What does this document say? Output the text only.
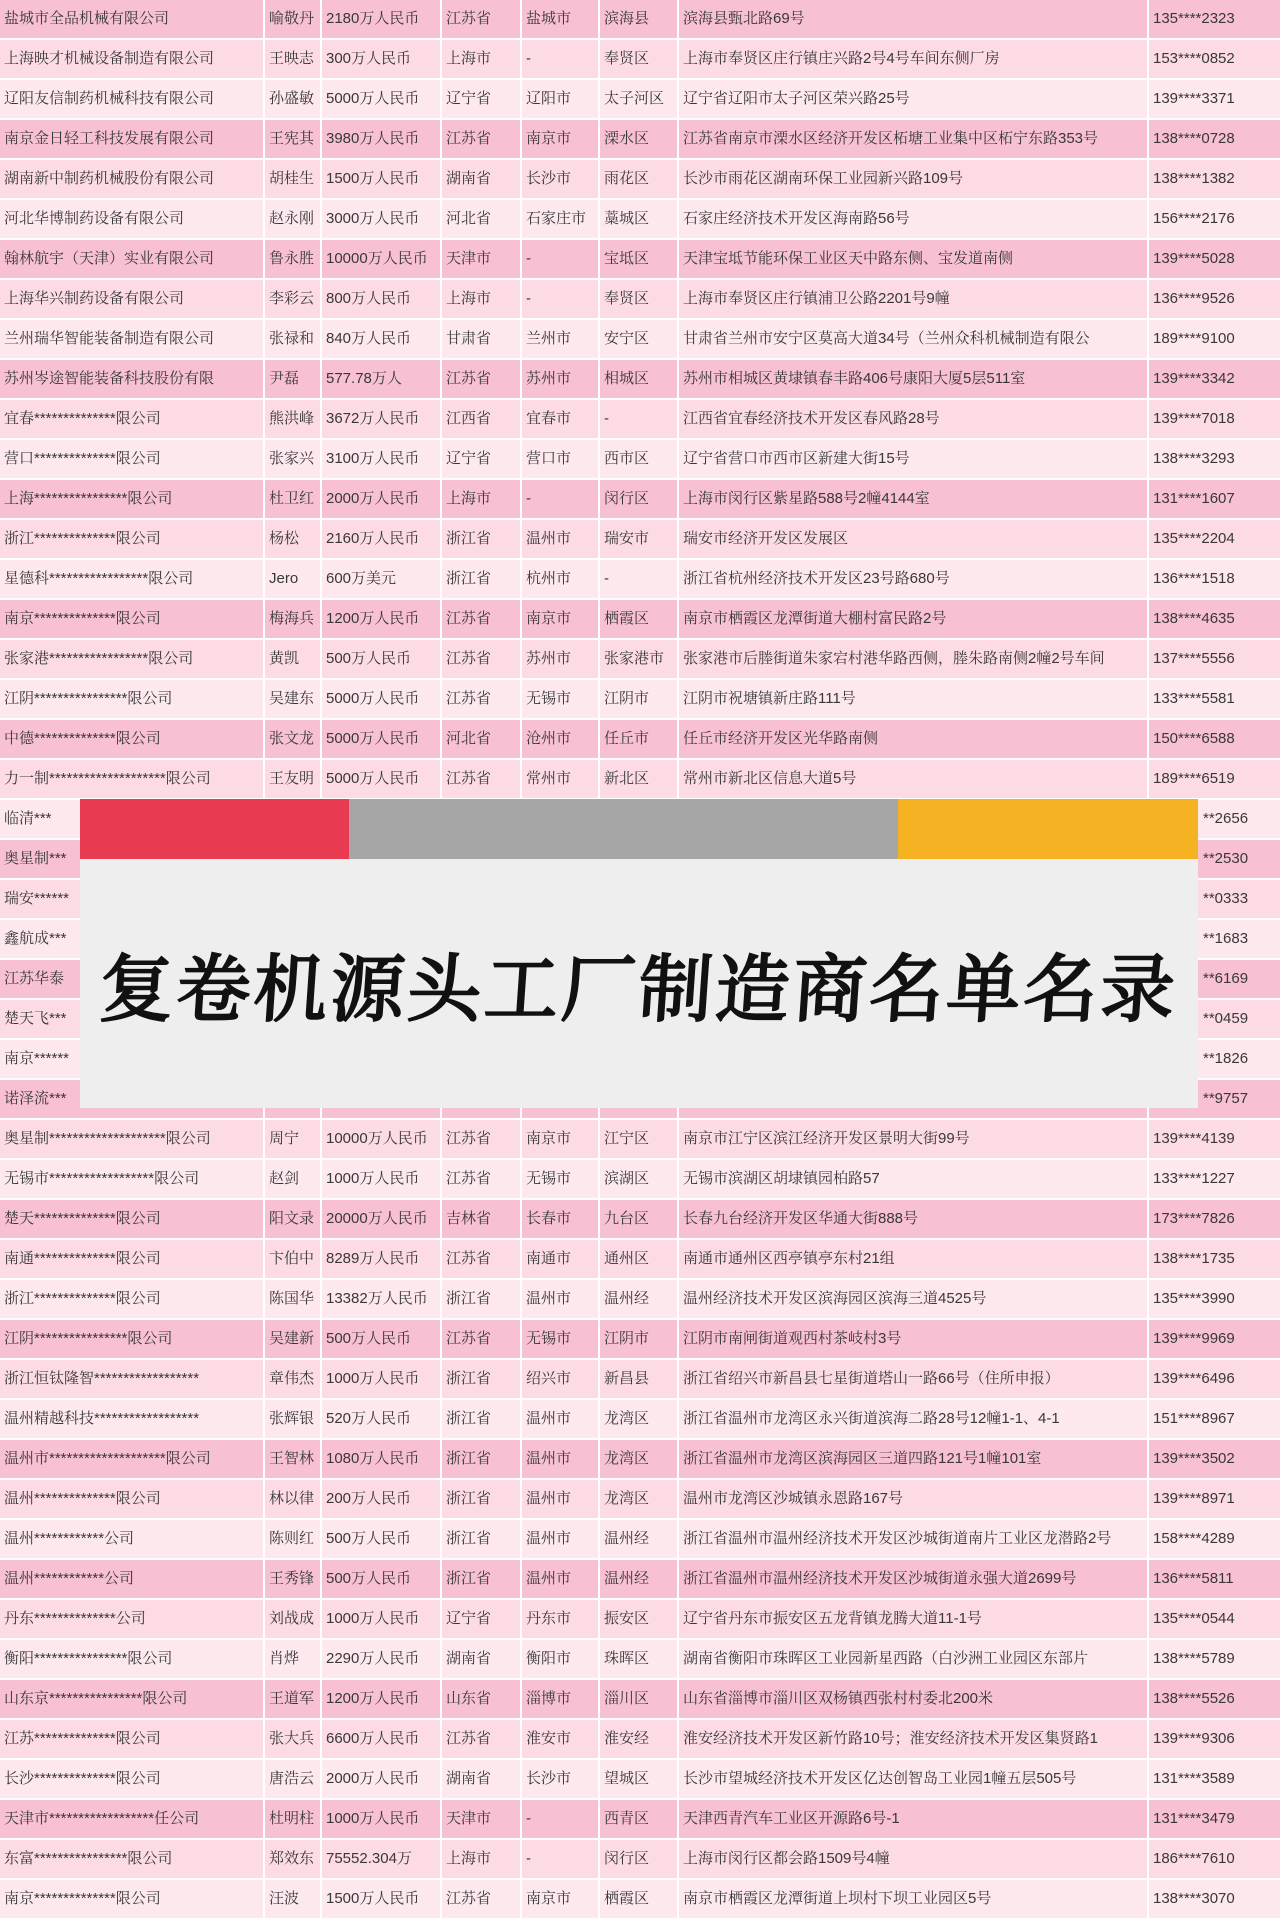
盐城市全品机械有限公司	喻敬丹 2180万人民币	江苏省	盐城市	滨海县	滨海县甄北路69号	135****2323
上海映才机械设备制造有限公司	王映志 300万人民币	上海市	-	奉贤区	上海市奉贤区庄行镇庄兴路2号4号车间东侧厂房	153****0852
辽阳友信制药机械科技有限公司	孙盛敏 5000万人民币	辽宁省	辽阳市	太子河区	辽宁省辽阳市太子河区荣兴路25号	139****3371
南京金日轻工科技发展有限公司	王宪其 3980万人民币	江苏省	南京市	溧水区	江苏省南京市溧水区经济开发区柘塘工业集中区柘宁东路353号	138****0728
湖南新中制药机械股份有限公司	胡桂生 1500万人民币	湖南省	长沙市	雨花区	长沙市雨花区湖南环保工业园新兴路109号	138****1382
河北华博制药设备有限公司	赵永刚 3000万人民币	河北省	石家庄市	藁城区	石家庄经济技术开发区海南路56号	156****2176
翰林航宇（天津）实业有限公司	鲁永胜 10000万人民币	天津市	-	宝坻区	天津宝坻节能环保工业区天中路东侧、宝发道南侧	139****5028
上海华兴制药设备有限公司	李彩云 800万人民币	上海市	-	奉贤区	上海市奉贤区庄行镇浦卫公路2201号9幢	136****9526
兰州瑞华智能装备制造有限公司	张禄和 840万人民币	甘肃省	兰州市	安宁区	甘肃省兰州市安宁区莫高大道34号（兰州众科机械制造有限公	189****9100
苏州岑途智能装备科技股份有限	尹磊	577.78万人	江苏省	苏州市	相城区	苏州市相城区黄埭镇春丰路406号康阳大厦5层511室	139****3342
宜春**************限公司	熊洪峰 3672万人民币	江西省	宜春市	-	江西省宜春经济技术开发区春风路28号	139****7018
营口**************限公司	张家兴 3100万人民币	辽宁省	营口市	西市区	辽宁省营口市西市区新建大街15号	138****3293
上海****************限公司	杜卫红 2000万人民币	上海市	-	闵行区	上海市闵行区紫星路588号2幢4144室	131****1607
浙江**************限公司	杨松	2160万人民币	浙江省	温州市	瑞安市	瑞安市经济开发区发展区	135****2204
星德科*****************限公司	Jero	600万美元	浙江省	杭州市	-	浙江省杭州经济技术开发区23号路680号	136****1518
南京**************限公司	梅海兵 1200万人民币	江苏省	南京市	栖霞区	南京市栖霞区龙潭街道大棚村富民路2号	138****4635
张家港*****************限公司	黄凯	500万人民币	江苏省	苏州市	张家港市	张家港市后塍街道朱家宕村港华路西侧，塍朱路南侧2幢2号车间	137****5556
江阴****************限公司	吴建东 5000万人民币	江苏省	无锡市	江阴市	江阴市祝塘镇新庄路111号	133****5581
中德**************限公司	张文龙 5000万人民币	河北省	沧州市	任丘市	任丘市经济开发区光华路南侧	150****6588
力一制********************限公司	王友明 5000万人民币	江苏省	常州市	新北区	常州市新北区信息大道5号	189****6519
临清***	**2656
奥星制***	**2530
瑞安******	**0333
鑫航成***	**1683
江苏华泰	**6169
楚天飞***	**0459
南京******	**1826
诺泽流***	**9757
奥星制********************限公司	周宁	10000万人民币	江苏省	南京市	江宁区	南京市江宁区滨江经济开发区景明大街99号	139****4139
无锡市******************限公司	赵剑	1000万人民币	江苏省	无锡市	滨湖区	无锡市滨湖区胡埭镇园柏路57	133****1227
楚天**************限公司	阳文录 20000万人民币	吉林省	长春市	九台区	长春九台经济开发区华通大街888号	173****7826
南通**************限公司	卞伯中 8289万人民币	江苏省	南通市	通州区	南通市通州区西亭镇亭东村21组	138****1735
浙江**************限公司	陈国华 13382万人民币	浙江省	温州市	温州经	温州经济技术开发区滨海园区滨海三道4525号	135****3990
江阴****************限公司	吴建新 500万人民币	江苏省	无锡市	江阴市	江阴市南闸街道观西村茶岐村3号	139****9969
浙江恒钛隆智******************	章伟杰 1000万人民币	浙江省	绍兴市	新昌县	浙江省绍兴市新昌县七星街道塔山一路66号（住所申报）	139****6496
温州精越科技******************	张辉银 520万人民币	浙江省	温州市	龙湾区	浙江省温州市龙湾区永兴街道滨海二路28号12幢1-1、4-1	151****8967
温州市********************限公司	王智林 1080万人民币	浙江省	温州市	龙湾区	浙江省温州市龙湾区滨海园区三道四路121号1幢101室	139****3502
温州**************限公司	林以律 200万人民币	浙江省	温州市	龙湾区	温州市龙湾区沙城镇永恩路167号	139****8971
温州************公司	陈则红 500万人民币	浙江省	温州市	温州经	浙江省温州市温州经济技术开发区沙城街道南片工业区龙潜路2号	158****4289
温州************公司	王秀锋 500万人民币	浙江省	温州市	温州经	浙江省温州市温州经济技术开发区沙城街道永强大道2699号	136****5811
丹东**************公司	刘战成 1000万人民币	辽宁省	丹东市	振安区	辽宁省丹东市振安区五龙背镇龙腾大道11-1号	135****0544
衡阳****************限公司	肖烨	2290万人民币	湖南省	衡阳市	珠晖区	湖南省衡阳市珠晖区工业园新星西路（白沙洲工业园区东部片	138****5789
山东京****************限公司	王道军 1200万人民币	山东省	淄博市	淄川区	山东省淄博市淄川区双杨镇西张村村委北200米	138****5526
江苏**************限公司	张大兵 6600万人民币	江苏省	淮安市	淮安经	淮安经济技术开发区新竹路10号；淮安经济技术开发区集贤路1	139****9306
长沙**************限公司	唐浩云 2000万人民币	湖南省	长沙市	望城区	长沙市望城经济技术开发区亿达创智岛工业园1幢五层505号	131****3589
天津市******************任公司	杜明柱 1000万人民币	天津市	-	西青区	天津西青汽车工业区开源路6号-1	131****3479
东富****************限公司	郑效东 75552.304万	上海市	-	闵行区	上海市闵行区都会路1509号4幢	186****7610
南京**************限公司	汪波	1500万人民币	江苏省	南京市	栖霞区	南京市栖霞区龙潭街道上坝村下坝工业园区5号	138****3070
复卷机源头工厂制造商名单名录
